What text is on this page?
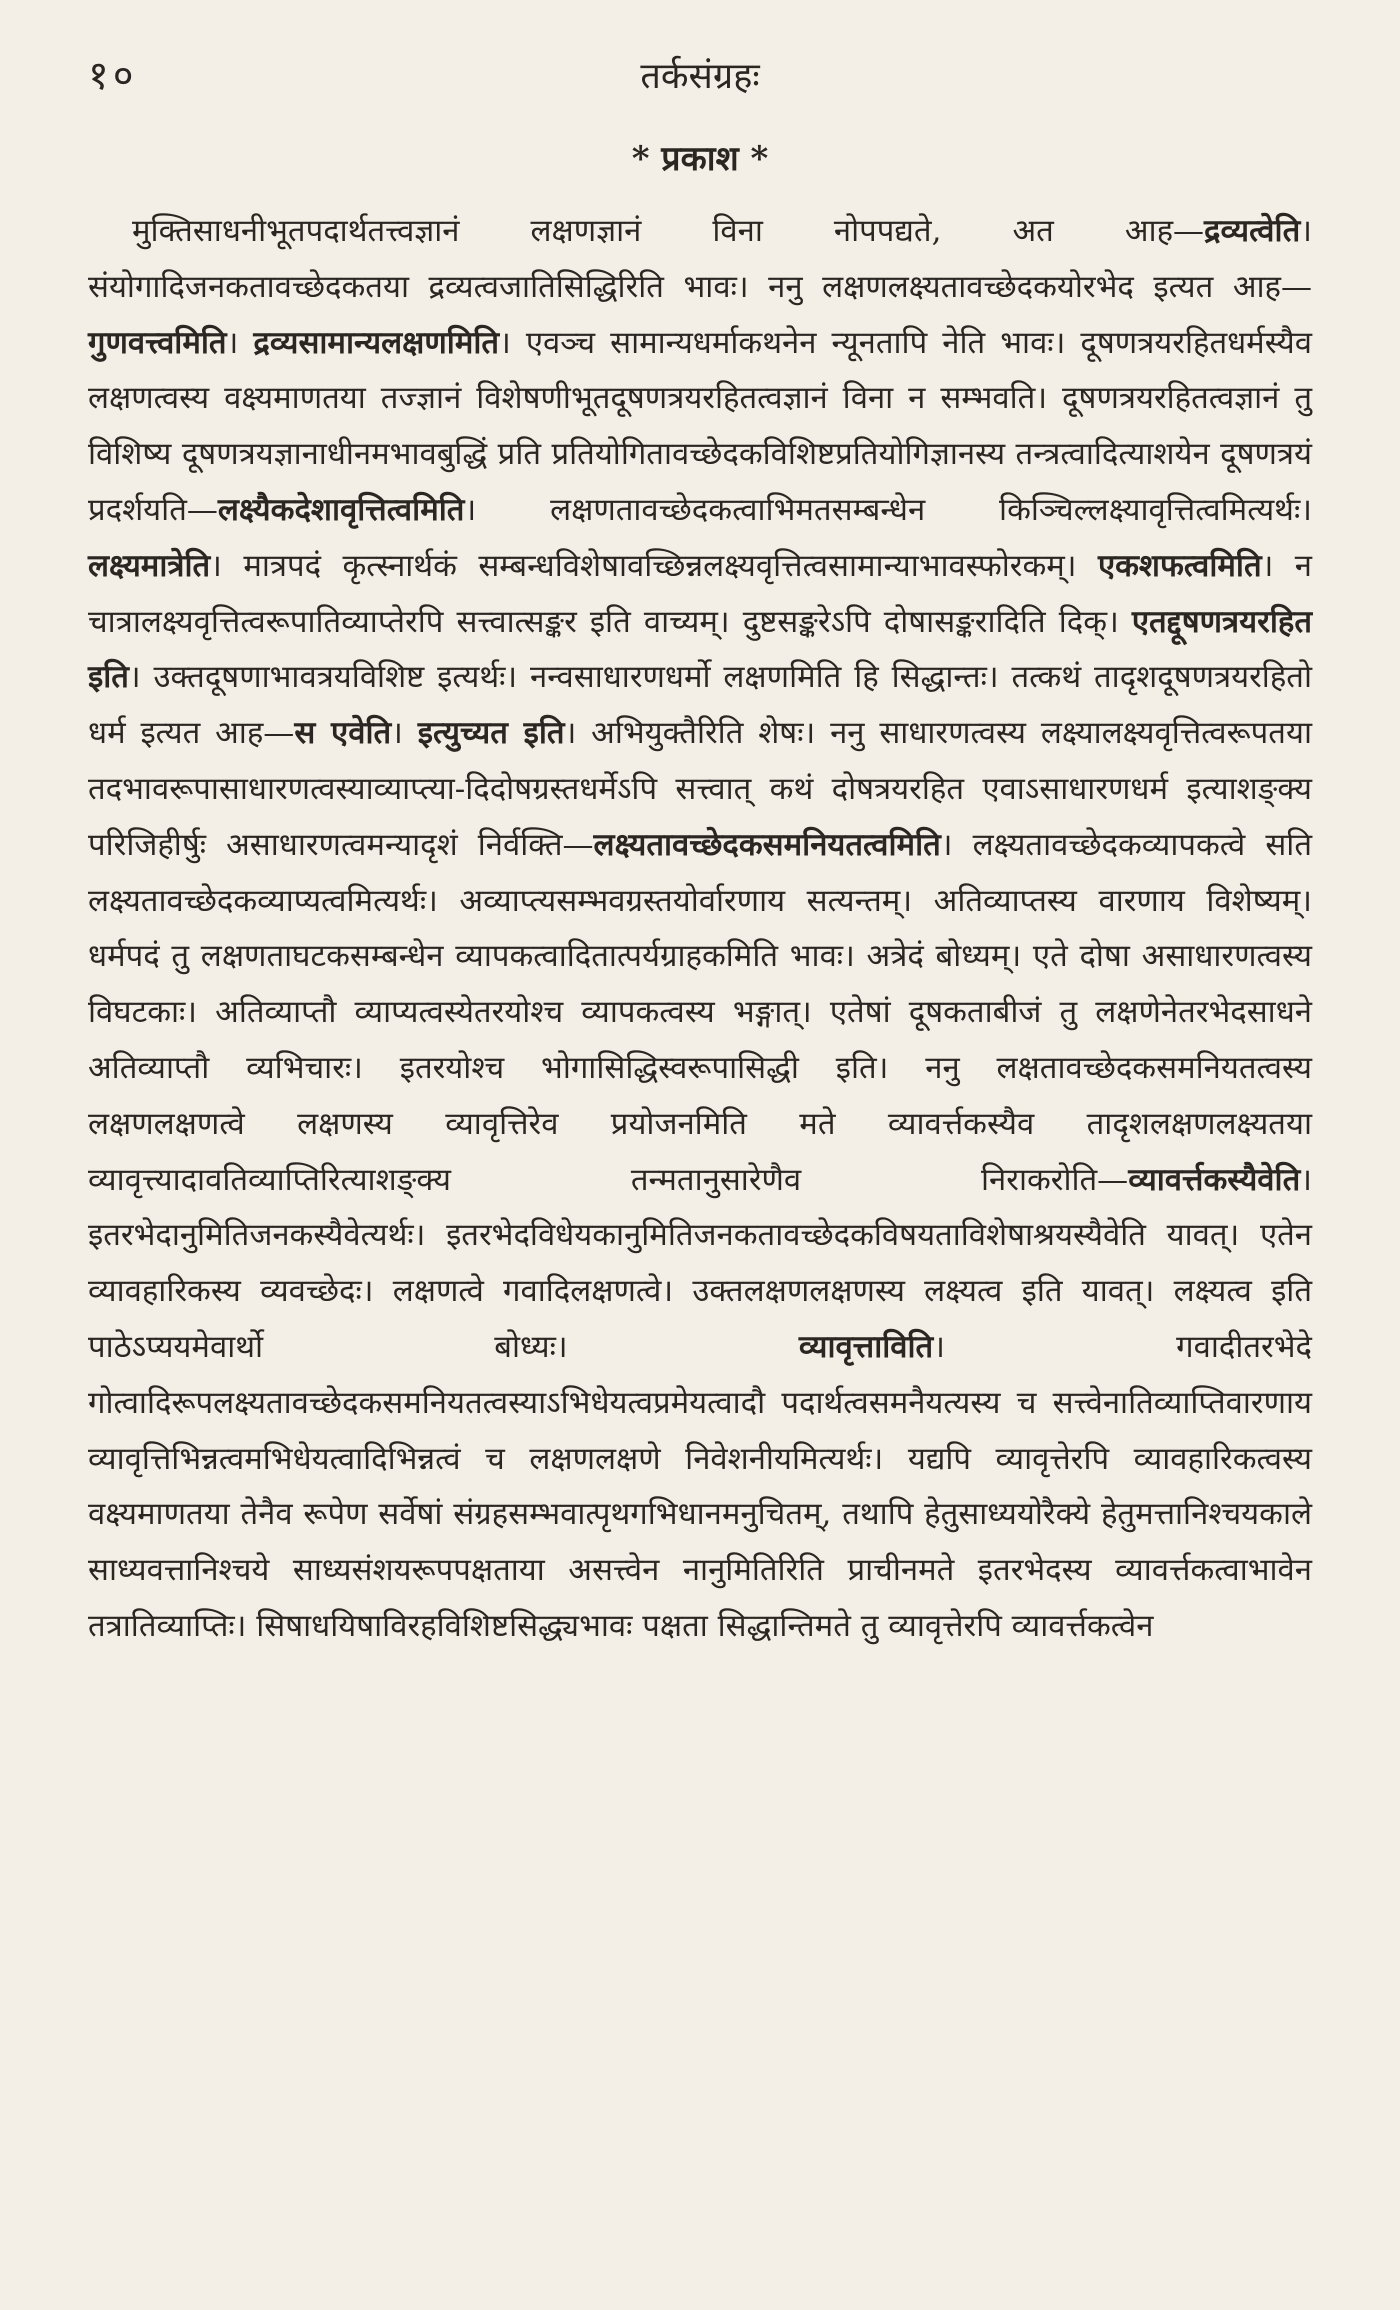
१०	तर्कसंग्रहः
* प्रकाश *

मुक्तिसाधनीभूतपदार्थतत्त्वज्ञानं लक्षणज्ञानं विना नोपपद्यते, अत आह—द्रव्यत्वेति। संयोगादिजनकतावच्छेदकतया द्रव्यत्वजातिसिद्धिरिति भावः। ननु लक्षणलक्ष्यतावच्छेदकयोरभेद इत्यत आह—गुणवत्त्वमिति। द्रव्यसामान्यलक्षणमिति। एवञ्च सामान्यधर्माकथनेन न्यूनतापि नेति भावः। दूषणत्रयरहितधर्मस्यैव लक्षणत्वस्य वक्ष्यमाणतया तज्ज्ञानं विशेषणीभूतदूषणत्रयरहितत्वज्ञानं विना न सम्भवति। दूषणत्रयरहितत्वज्ञानं तु विशिष्य दूषणत्रयज्ञानाधीनमभावबुद्धिं प्रति प्रतियोगितावच्छेदकविशिष्टप्रतियोगिज्ञानस्य तन्त्रत्वादित्याशयेन दूषणत्रयं प्रदर्शयति—लक्ष्यैकदेशावृत्तित्वमिति। लक्षणतावच्छेदकत्वाभिमतसम्बन्धेन किञ्चिल्लक्ष्यावृत्तित्वमित्यर्थः। लक्ष्यमात्रेति। मात्रपदं कृत्स्नार्थकं सम्बन्धविशेषावच्छिन्नलक्ष्यवृत्तित्वसामान्याभावस्फोरकम्। एकशफत्वमिति। न चात्रालक्ष्यवृत्तित्वरूपातिव्याप्तेरपि सत्त्वात्सङ्कर इति वाच्यम्। दुष्टसङ्करेऽपि दोषासङ्करादिति दिक्। एतद्दूषणत्रयरहित इति। उक्तदूषणाभावत्रयविशिष्ट इत्यर्थः। नन्वसाधारणधर्मो लक्षणमिति हि सिद्धान्तः। तत्कथं तादृशदूषणत्रयरहितो धर्म इत्यत आह—स एवेति। इत्युच्यत इति। अभियुक्तैरिति शेषः। ननु साधारणत्वस्य लक्ष्यालक्ष्यवृत्तित्वरूपतया तदभावरूपासाधारणत्वस्याव्याप्त्या-दिदोषग्रस्तधर्मेऽपि सत्त्वात् कथं दोषत्रयरहित एवाऽसाधारणधर्म इत्याशङ्क्य परिजिहीर्षुः असाधारणत्वमन्यादृशं निर्वक्ति—लक्ष्यतावच्छेदकसमनियतत्वमिति। लक्ष्यतावच्छेदकव्यापकत्वे सति लक्ष्यतावच्छेदकव्याप्यत्वमित्यर्थः। अव्याप्त्यसम्भवग्रस्तयोर्वारणाय सत्यन्तम्। अतिव्याप्तस्य वारणाय विशेष्यम्। धर्मपदं तु लक्षणताघटकसम्बन्धेन व्यापकत्वादितात्पर्यग्राहकमिति भावः। अत्रेदं बोध्यम्। एते दोषा असाधारणत्वस्य विघटकाः। अतिव्याप्तौ व्याप्यत्वस्येतरयोश्च व्यापकत्वस्य भङ्गात्। एतेषां दूषकताबीजं तु लक्षणेनेतरभेदसाधने अतिव्याप्तौ व्यभिचारः। इतरयोश्च भोगासिद्धिस्वरूपासिद्धी इति। ननु लक्षतावच्छेदकसमनियतत्वस्य लक्षणलक्षणत्वे लक्षणस्य व्यावृत्तिरेव प्रयोजनमिति मते व्यावर्त्तकस्यैव तादृशलक्षणलक्ष्यतया व्यावृत्त्यादावतिव्याप्तिरित्याशङ्क्य तन्मतानुसारेणैव निराकरोति—व्यावर्त्तकस्यैवेति। इतरभेदानुमितिजनकस्यैवेत्यर्थः। इतरभेदविधेयकानुमितिजनकतावच्छेदकविषयताविशेषाश्रयस्यैवेति यावत्। एतेन व्यावहारिकस्य व्यवच्छेदः। लक्षणत्वे गवादिलक्षणत्वे। उक्तलक्षणलक्षणस्य लक्ष्यत्व इति यावत्। लक्ष्यत्व इति पाठेऽप्ययमेवार्थो बोध्यः। व्यावृत्ताविति। गवादीतरभेदे गोत्वादिरूपलक्ष्यतावच्छेदकसमनियतत्वस्याऽभिधेयत्वप्रमेयत्वादौ पदार्थत्वसमनैयत्यस्य च सत्त्वेनातिव्याप्तिवारणाय व्यावृत्तिभिन्नत्वमभिधेयत्वादिभिन्नत्वं च लक्षणलक्षणे निवेशनीयमित्यर्थः। यद्यपि व्यावृत्तेरपि व्यावहारिकत्वस्य वक्ष्यमाणतया तेनैव रूपेण सर्वेषां संग्रहसम्भवात्पृथगभिधानमनुचितम्, तथापि हेतुसाध्ययोरैक्ये हेतुमत्तानिश्चयकाले साध्यवत्तानिश्चये साध्यसंशयरूपपक्षताया असत्त्वेन नानुमितिरिति प्राचीनमते इतरभेदस्य व्यावर्त्तकत्वाभावेन तत्रातिव्याप्तिः। सिषाधयिषाविरहविशिष्टसिद्ध्यभावः पक्षता सिद्धान्तिमते तु व्यावृत्तेरपि व्यावर्त्तकत्वेन
